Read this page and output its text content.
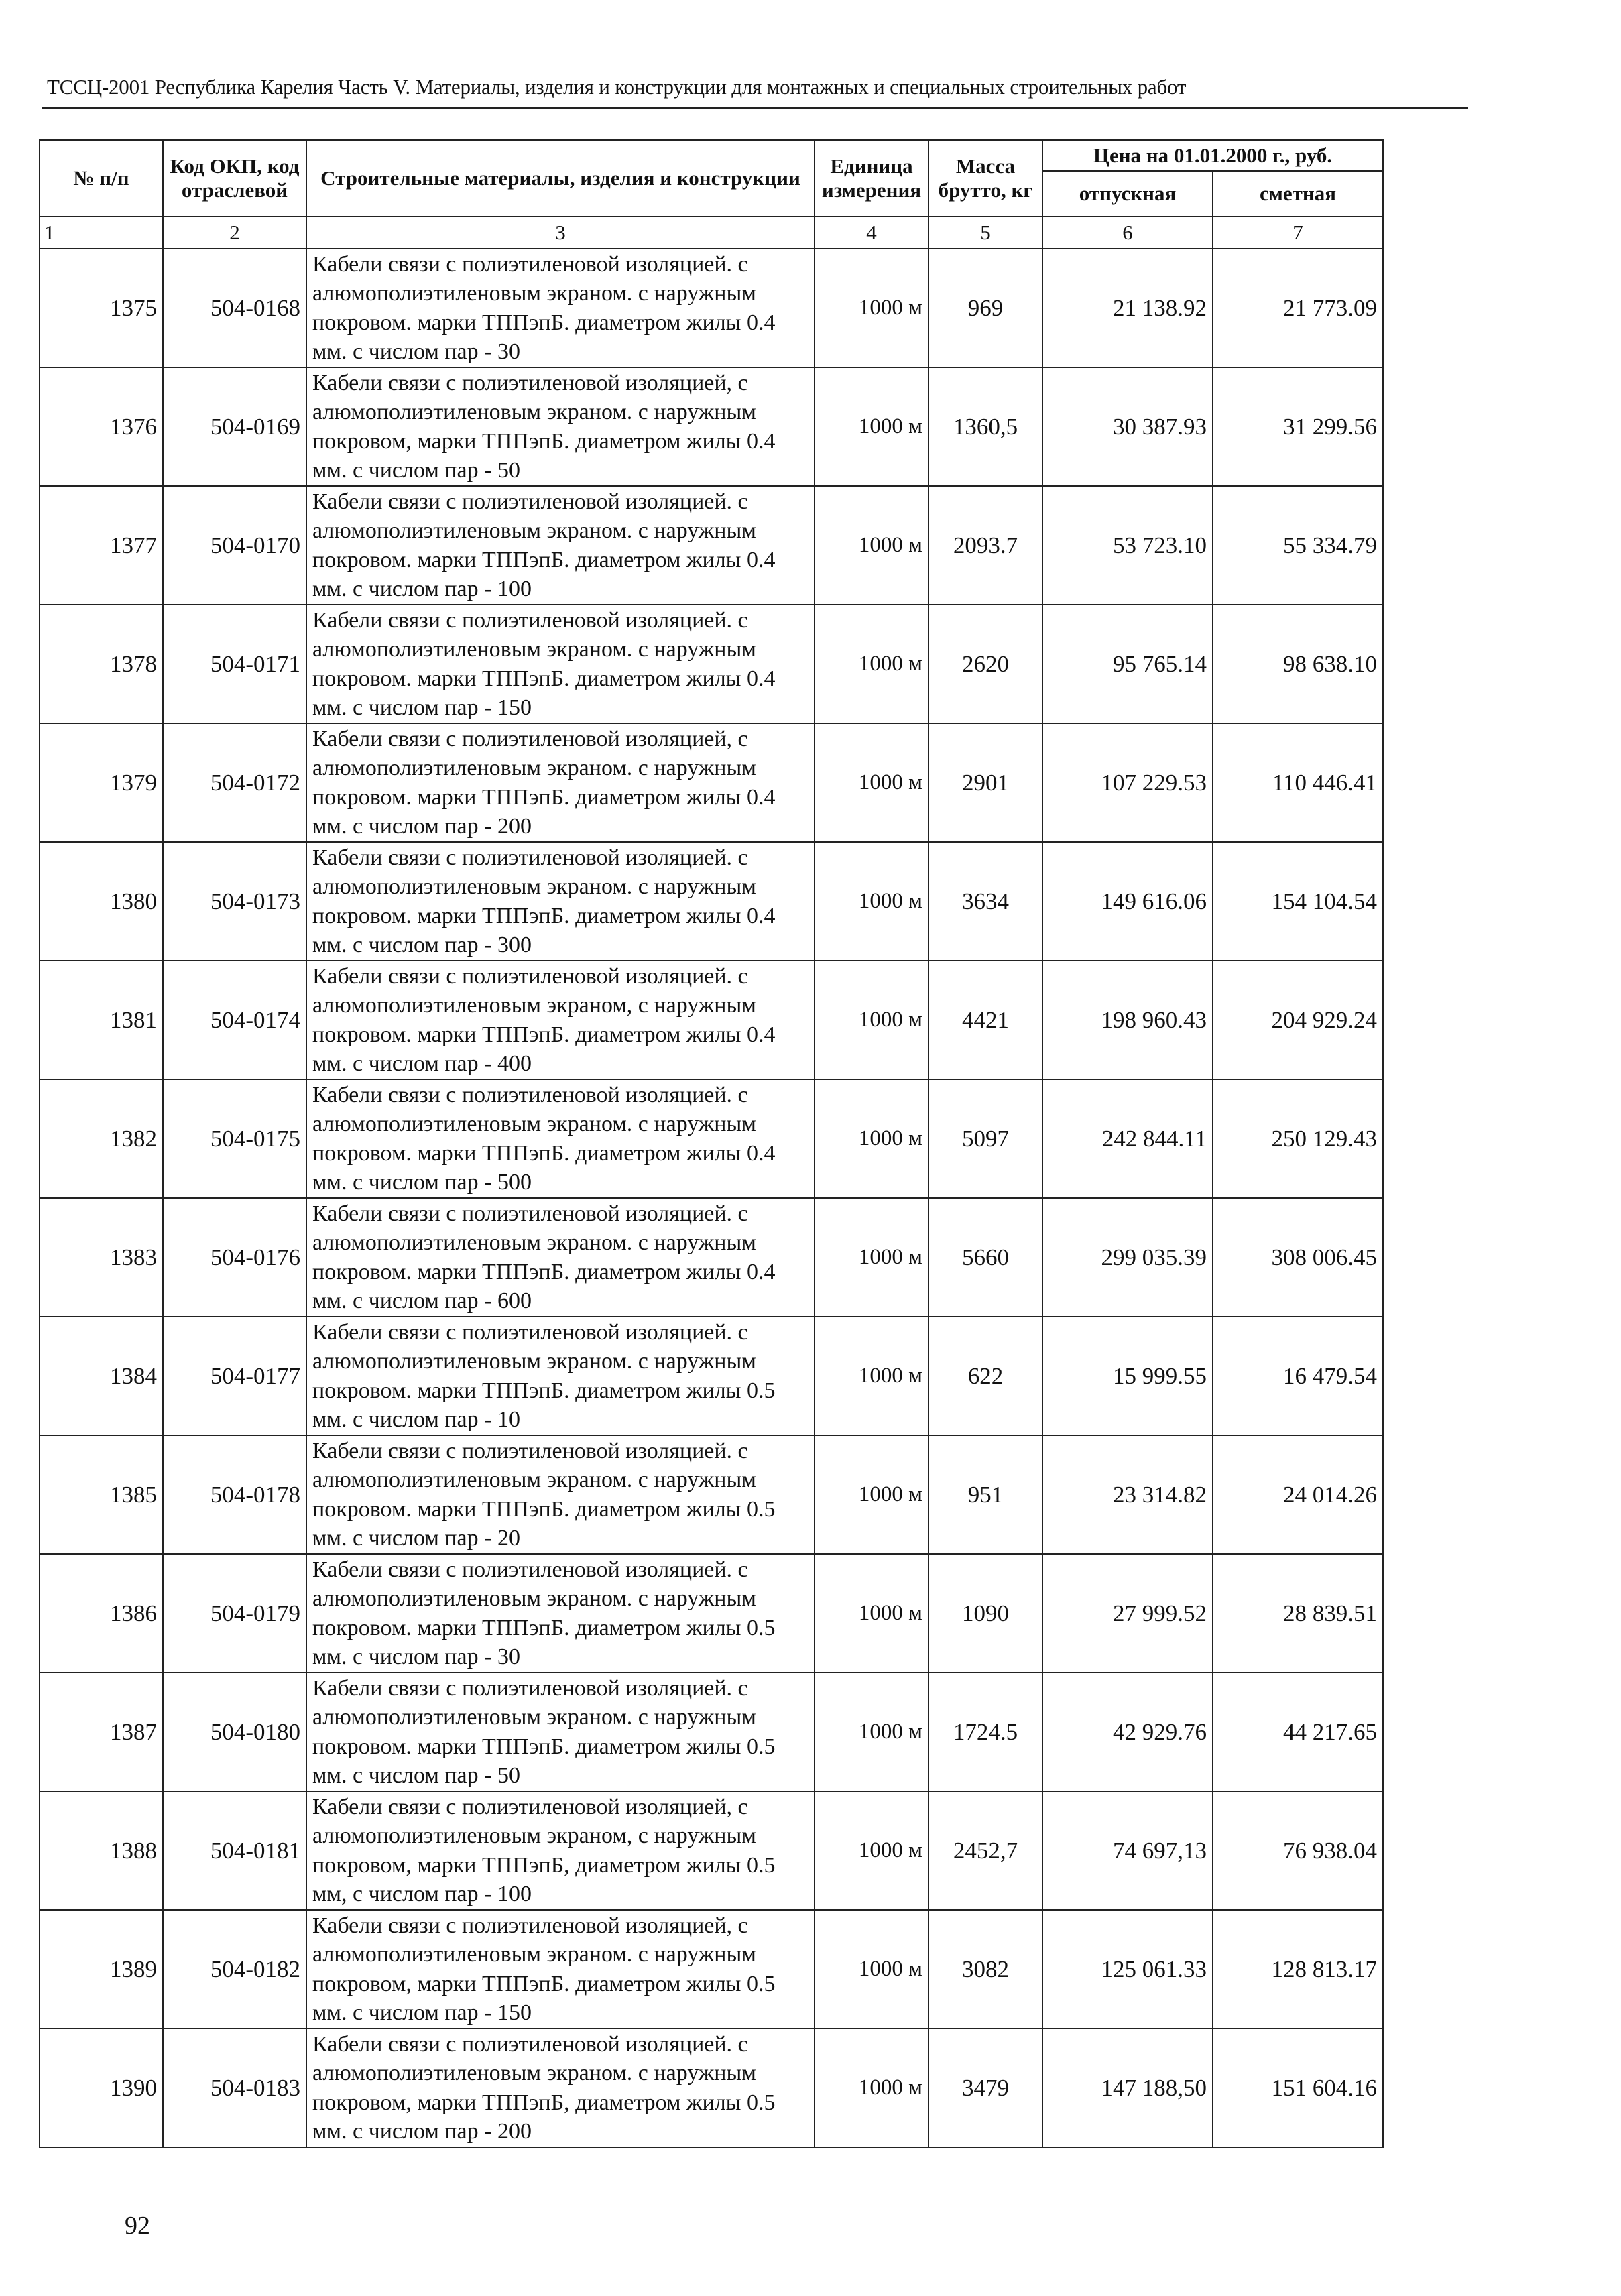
ТССЦ-2001 Республика Карелия Часть V. Материалы, изделия и конструкции для монтажных и специальных строительных работ
№ п/п	Код ОКП, код отраслевой	Строительные материалы, изделия и конструкции	Единица измерения	Масса брутто, кг	Цена на 01.01.2000 г., руб.	
					отпускная	сметная
1	2	3	4	5	6	7
1375	504-0168	Кабели связи с полиэтиленовой изоляцией. с алюмополиэтиленовым экраном. с наружным покровом. марки ТППэпБ. диаметром жилы 0.4 мм. с числом пар - 30	1000 м	969	21 138.92	21 773.09
1376	504-0169	Кабели связи с полиэтиленовой изоляцией, с алюмополиэтиленовым экраном. с наружным покровом, марки ТППэпБ. диаметром жилы 0.4 мм. с числом пар - 50	1000 м	1360,5	30 387.93	31 299.56
1377	504-0170	Кабели связи с полиэтиленовой изоляцией. с алюмополиэтиленовым экраном. с наружным покровом. марки ТППэпБ. диаметром жилы 0.4 мм. с числом пар - 100	1000 м	2093.7	53 723.10	55 334.79
1378	504-0171	Кабели связи с полиэтиленовой изоляцией. с алюмополиэтиленовым экраном. с наружным покровом. марки ТППэпБ. диаметром жилы 0.4 мм. с числом пар - 150	1000 м	2620	95 765.14	98 638.10
1379	504-0172	Кабели связи с полиэтиленовой изоляцией, с алюмополиэтиленовым экраном. с наружным покровом. марки ТППэпБ. диаметром жилы 0.4 мм. с числом пар - 200	1000 м	2901	107 229.53	110 446.41
1380	504-0173	Кабели связи с полиэтиленовой изоляцией. с алюмополиэтиленовым экраном. с наружным покровом. марки ТППэпБ. диаметром жилы 0.4 мм. с числом пар - 300	1000 м	3634	149 616.06	154 104.54
1381	504-0174	Кабели связи с полиэтиленовой изоляцией. с алюмополиэтиленовым экраном, с наружным покровом. марки ТППэпБ. диаметром жилы 0.4 мм. с числом пар - 400	1000 м	4421	198 960.43	204 929.24
1382	504-0175	Кабели связи с полиэтиленовой изоляцией. с алюмополиэтиленовым экраном. с наружным покровом. марки ТППэпБ. диаметром жилы 0.4 мм. с числом пар - 500	1000 м	5097	242 844.11	250 129.43
1383	504-0176	Кабели связи с полиэтиленовой изоляцией. с алюмополиэтиленовым экраном. с наружным покровом. марки ТППэпБ. диаметром жилы 0.4 мм. с числом пар - 600	1000 м	5660	299 035.39	308 006.45
1384	504-0177	Кабели связи с полиэтиленовой изоляцией. с алюмополиэтиленовым экраном. с наружным покровом. марки ТППэпБ. диаметром жилы 0.5 мм. с числом пар - 10	1000 м	622	15 999.55	16 479.54
1385	504-0178	Кабели связи с полиэтиленовой изоляцией. с алюмополиэтиленовым экраном. с наружным покровом. марки ТППэпБ. диаметром жилы 0.5 мм. с числом пар - 20	1000 м	951	23 314.82	24 014.26
1386	504-0179	Кабели связи с полиэтиленовой изоляцией. с алюмополиэтиленовым экраном. с наружным покровом. марки ТППэпБ. диаметром жилы 0.5 мм. с числом пар - 30	1000 м	1090	27 999.52	28 839.51
1387	504-0180	Кабели связи с полиэтиленовой изоляцией. с алюмополиэтиленовым экраном. с наружным покровом. марки ТППэпБ. диаметром жилы 0.5 мм. с числом пар - 50	1000 м	1724.5	42 929.76	44 217.65
1388	504-0181	Кабели связи с полиэтиленовой изоляцией, с алюмополиэтиленовым экраном, с наружным покровом, марки ТППэпБ, диаметром жилы 0.5 мм, с числом пар - 100	1000 м	2452,7	74 697,13	76 938.04
1389	504-0182	Кабели связи с полиэтиленовой изоляцией, с алюмополиэтиленовым экраном. с наружным покровом, марки ТППэпБ. диаметром жилы 0.5 мм. с числом пар - 150	1000 м	3082	125 061.33	128 813.17
1390	504-0183	Кабели связи с полиэтиленовой изоляцией. с алюмополиэтиленовым экраном. с наружным покровом, марки ТППэпБ, диаметром жилы 0.5 мм. с числом пар - 200	1000 м	3479	147 188,50	151 604.16
92
